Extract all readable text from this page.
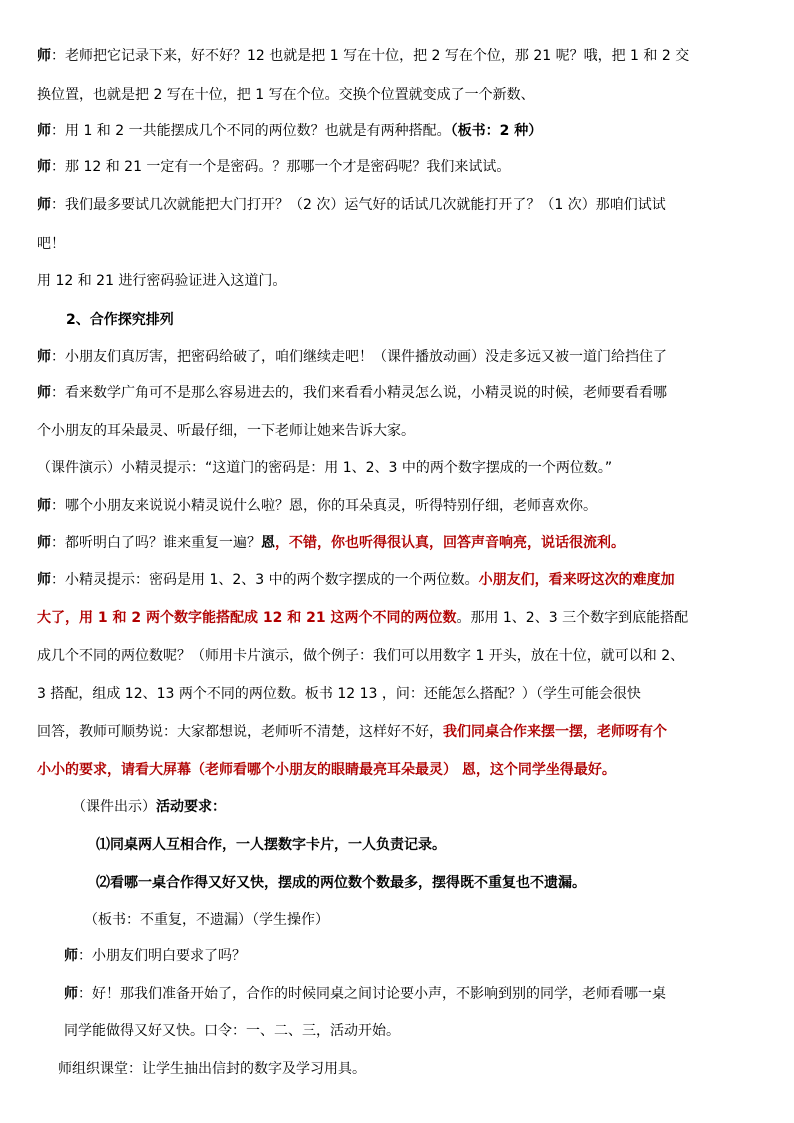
师：老师把它记录下来，好不好？12 也就是把 1 写在十位，把 2 写在个位，那 21 呢？哦，把 1 和 2 交
换位置，也就是把 2 写在十位，把 1 写在个位。交换个位置就变成了一个新数、
师：用 1 和 2 一共能摆成几个不同的两位数？也就是有两种搭配。（板书：2 种）
师：那 12 和 21 一定有一个是密码。？那哪一个才是密码呢？我们来试试。
师：我们最多要试几次就能把大门打开？（2 次）运气好的话试几次就能打开了？（1 次）那咱们试试
吧！
用 12 和 21 进行密码验证进入这道门。
2、合作探究排列
师：小朋友们真厉害，把密码给破了，咱们继续走吧！（课件播放动画）没走多远又被一道门给挡住了
师：看来数学广角可不是那么容易进去的，我们来看看小精灵怎么说，小精灵说的时候，老师要看看哪
个小朋友的耳朵最灵、听最仔细，一下老师让她来告诉大家。
（课件演示）小精灵提示：“这道门的密码是：用 1、2、3 中的两个数字摆成的一个两位数。”
师：哪个小朋友来说说小精灵说什么啦？恩，你的耳朵真灵，听得特别仔细，老师喜欢你。
师：都听明白了吗？谁来重复一遍？恩，不错，你也听得很认真，回答声音响亮，说话很流利。
师：小精灵提示：密码是用 1、2、3 中的两个数字摆成的一个两位数。小朋友们，看来呀这次的难度加
大了，用 1 和 2 两个数字能搭配成 12 和 21 这两个不同的两位数。那用 1、2、3 三个数字到底能搭配
成几个不同的两位数呢？（师用卡片演示，做个例子：我们可以用数字 1 开头，放在十位，就可以和 2、
3 搭配，组成 12、13 两个不同的两位数。板书 12 13 ，问：还能怎么搭配？）（学生可能会很快
回答，教师可顺势说：大家都想说，老师听不清楚，这样好不好，我们同桌合作来摆一摆，老师呀有个
小小的要求，请看大屏幕（老师看哪个小朋友的眼睛最亮耳朵最灵） 恩，这个同学坐得最好。
（课件出示）活动要求：
⑴同桌两人互相合作，一人摆数字卡片，一人负责记录。
⑵看哪一桌合作得又好又快，摆成的两位数个数最多，摆得既不重复也不遗漏。
（板书：不重复，不遗漏）（学生操作）
师：小朋友们明白要求了吗？
师：好！那我们准备开始了，合作的时候同桌之间讨论要小声，不影响到别的同学，老师看哪一桌
同学能做得又好又快。口令：一、二、三，活动开始。
师组织课堂：让学生抽出信封的数字及学习用具。
